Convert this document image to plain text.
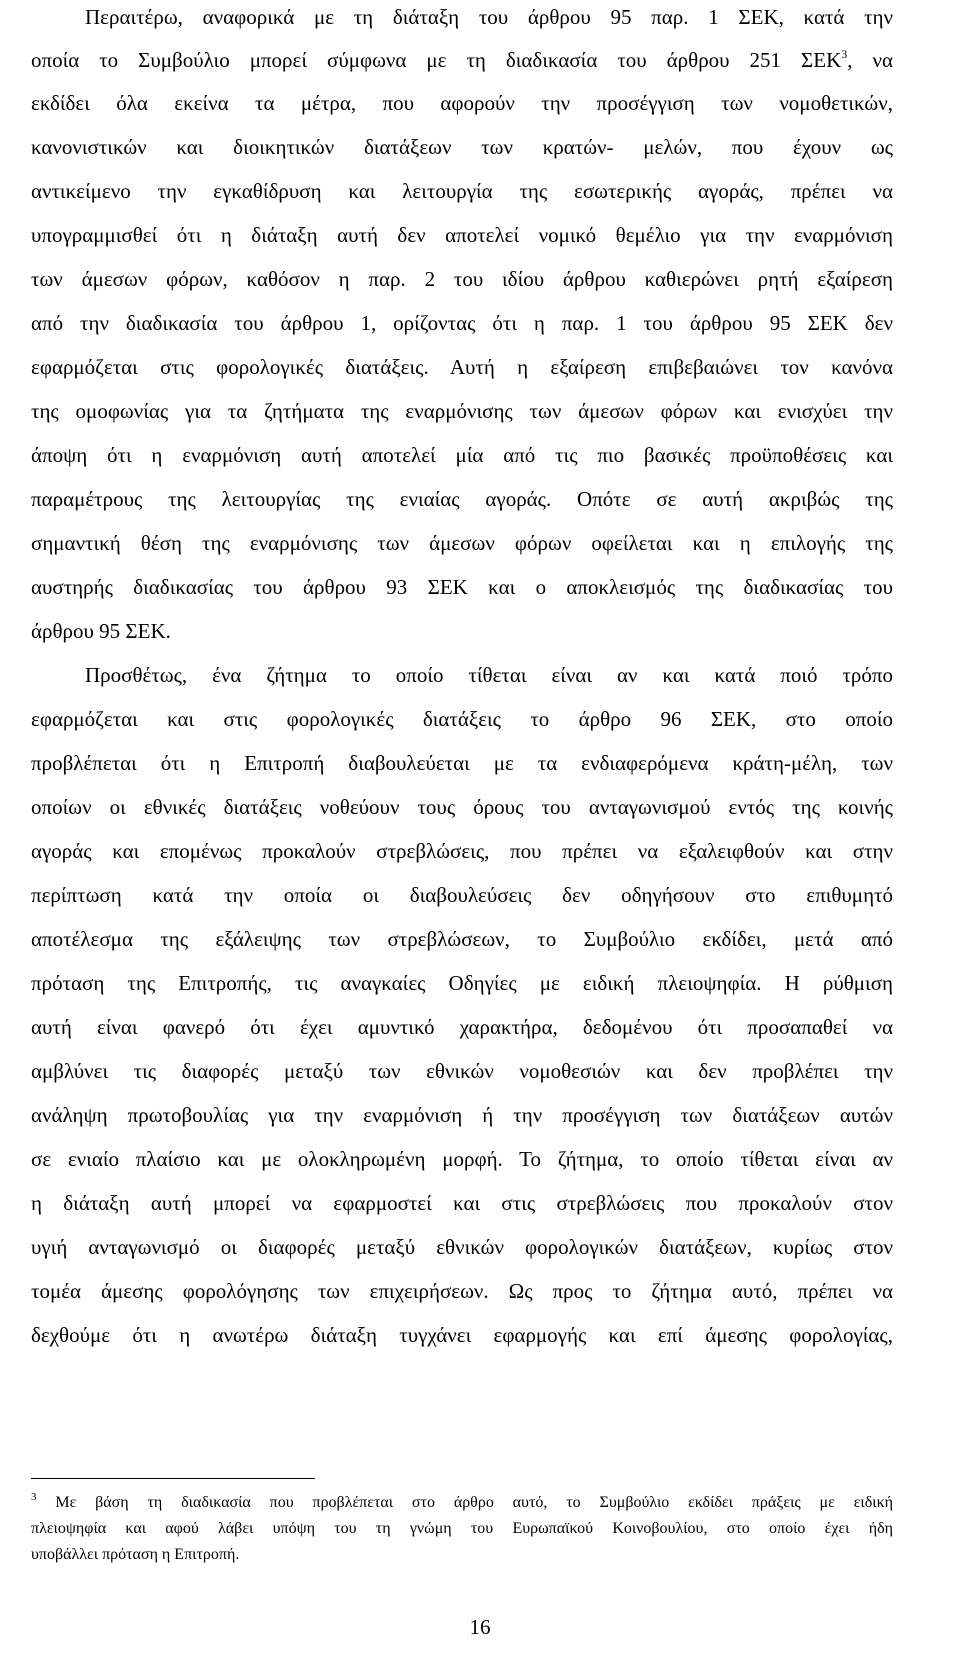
Περαιτέρω, αναφορικά με τη διάταξη του άρθρου 95 παρ. 1 ΣΕΚ, κατά την

οποία το Συμβούλιο μπορεί σύμφωνα με τη διαδικασία του άρθρου 251 ΣΕΚ$^3$, να

εκδίδει όλα εκείνα τα μέτρα, που αφορούν την προσέγγιση των νομοθετικών,

κανονιστικών και διοικητικών διατάξεων των κρατών- μελών, που έχουν ως

αντικείμενο την εγκαθίδρυση και λειτουργία της εσωτερικής αγοράς, πρέπει να

υπογραμμισθεί ότι η διάταξη αυτή δεν αποτελεί νομικό θεμέλιο για την εναρμόνιση

των άμεσων φόρων, καθόσον η παρ. 2 του ιδίου άρθρου καθιερώνει ρητή εξαίρεση

από την διαδικασία του άρθρου 1, ορίζοντας ότι η παρ. 1 του άρθρου 95 ΣΕΚ δεν

εφαρμόζεται στις φορολογικές διατάξεις. Αυτή η εξαίρεση επιβεβαιώνει τον κανόνα

της ομοφωνίας για τα ζητήματα της εναρμόνισης των άμεσων φόρων και ενισχύει την

άποψη ότι η εναρμόνιση αυτή αποτελεί μία από τις πιο βασικές προϋποθέσεις και

παραμέτρους της λειτουργίας της ενιαίας αγοράς. Οπότε σε αυτή ακριβώς της

σημαντική θέση της εναρμόνισης των άμεσων φόρων οφείλεται και η επιλογής της

αυστηρής διαδικασίας του άρθρου 93 ΣΕΚ και ο αποκλεισμός της διαδικασίας του

άρθρου 95 ΣΕΚ.

Προσθέτως, ένα ζήτημα το οποίο τίθεται είναι αν και κατά ποιό τρόπο

εφαρμόζεται και στις φορολογικές διατάξεις το άρθρο 96 ΣΕΚ, στο οποίο

προβλέπεται ότι η Επιτροπή διαβουλεύεται με τα ενδιαφερόμενα κράτη-μέλη, των

οποίων οι εθνικές διατάξεις νοθεύουν τους όρους του ανταγωνισμού εντός της κοινής

αγοράς και επομένως προκαλούν στρεβλώσεις, που πρέπει να εξαλειφθούν και στην

περίπτωση κατά την οποία οι διαβουλεύσεις δεν οδηγήσουν στο επιθυμητό

αποτέλεσμα της εξάλειψης των στρεβλώσεων, το Συμβούλιο εκδίδει, μετά από

πρόταση της Επιτροπής, τις αναγκαίες Οδηγίες με ειδική πλειοψηφία. Η ρύθμιση

αυτή είναι φανερό ότι έχει αμυντικό χαρακτήρα, δεδομένου ότι προσαπαθεί να

αμβλύνει τις διαφορές μεταξύ των εθνικών νομοθεσιών και δεν προβλέπει την

ανάληψη πρωτοβουλίας για την εναρμόνιση ή την προσέγγιση των διατάξεων αυτών

σε ενιαίο πλαίσιο και με ολοκληρωμένη μορφή. Το ζήτημα, το οποίο τίθεται είναι αν

η διάταξη αυτή μπορεί να εφαρμοστεί και στις στρεβλώσεις που προκαλούν στον

υγιή ανταγωνισμό οι διαφορές μεταξύ εθνικών φορολογικών διατάξεων, κυρίως στον

τομέα άμεσης φορολόγησης των επιχειρήσεων. Ως προς το ζήτημα αυτό, πρέπει να

δεχθούμε ότι η ανωτέρω διάταξη τυγχάνει εφαρμογής και επί άμεσης φορολογίας,

$^3$ Με βάση τη διαδικασία που προβλέπεται στο άρθρο αυτό, το Συμβούλιο εκδίδει πράξεις με ειδική

πλειοψηφία και αφού λάβει υπόψη του τη γνώμη του Ευρωπαϊκού Κοινοβουλίου, στο οποίο έχει ήδη

υποβάλλει πρόταση η Επιτροπή.

16
